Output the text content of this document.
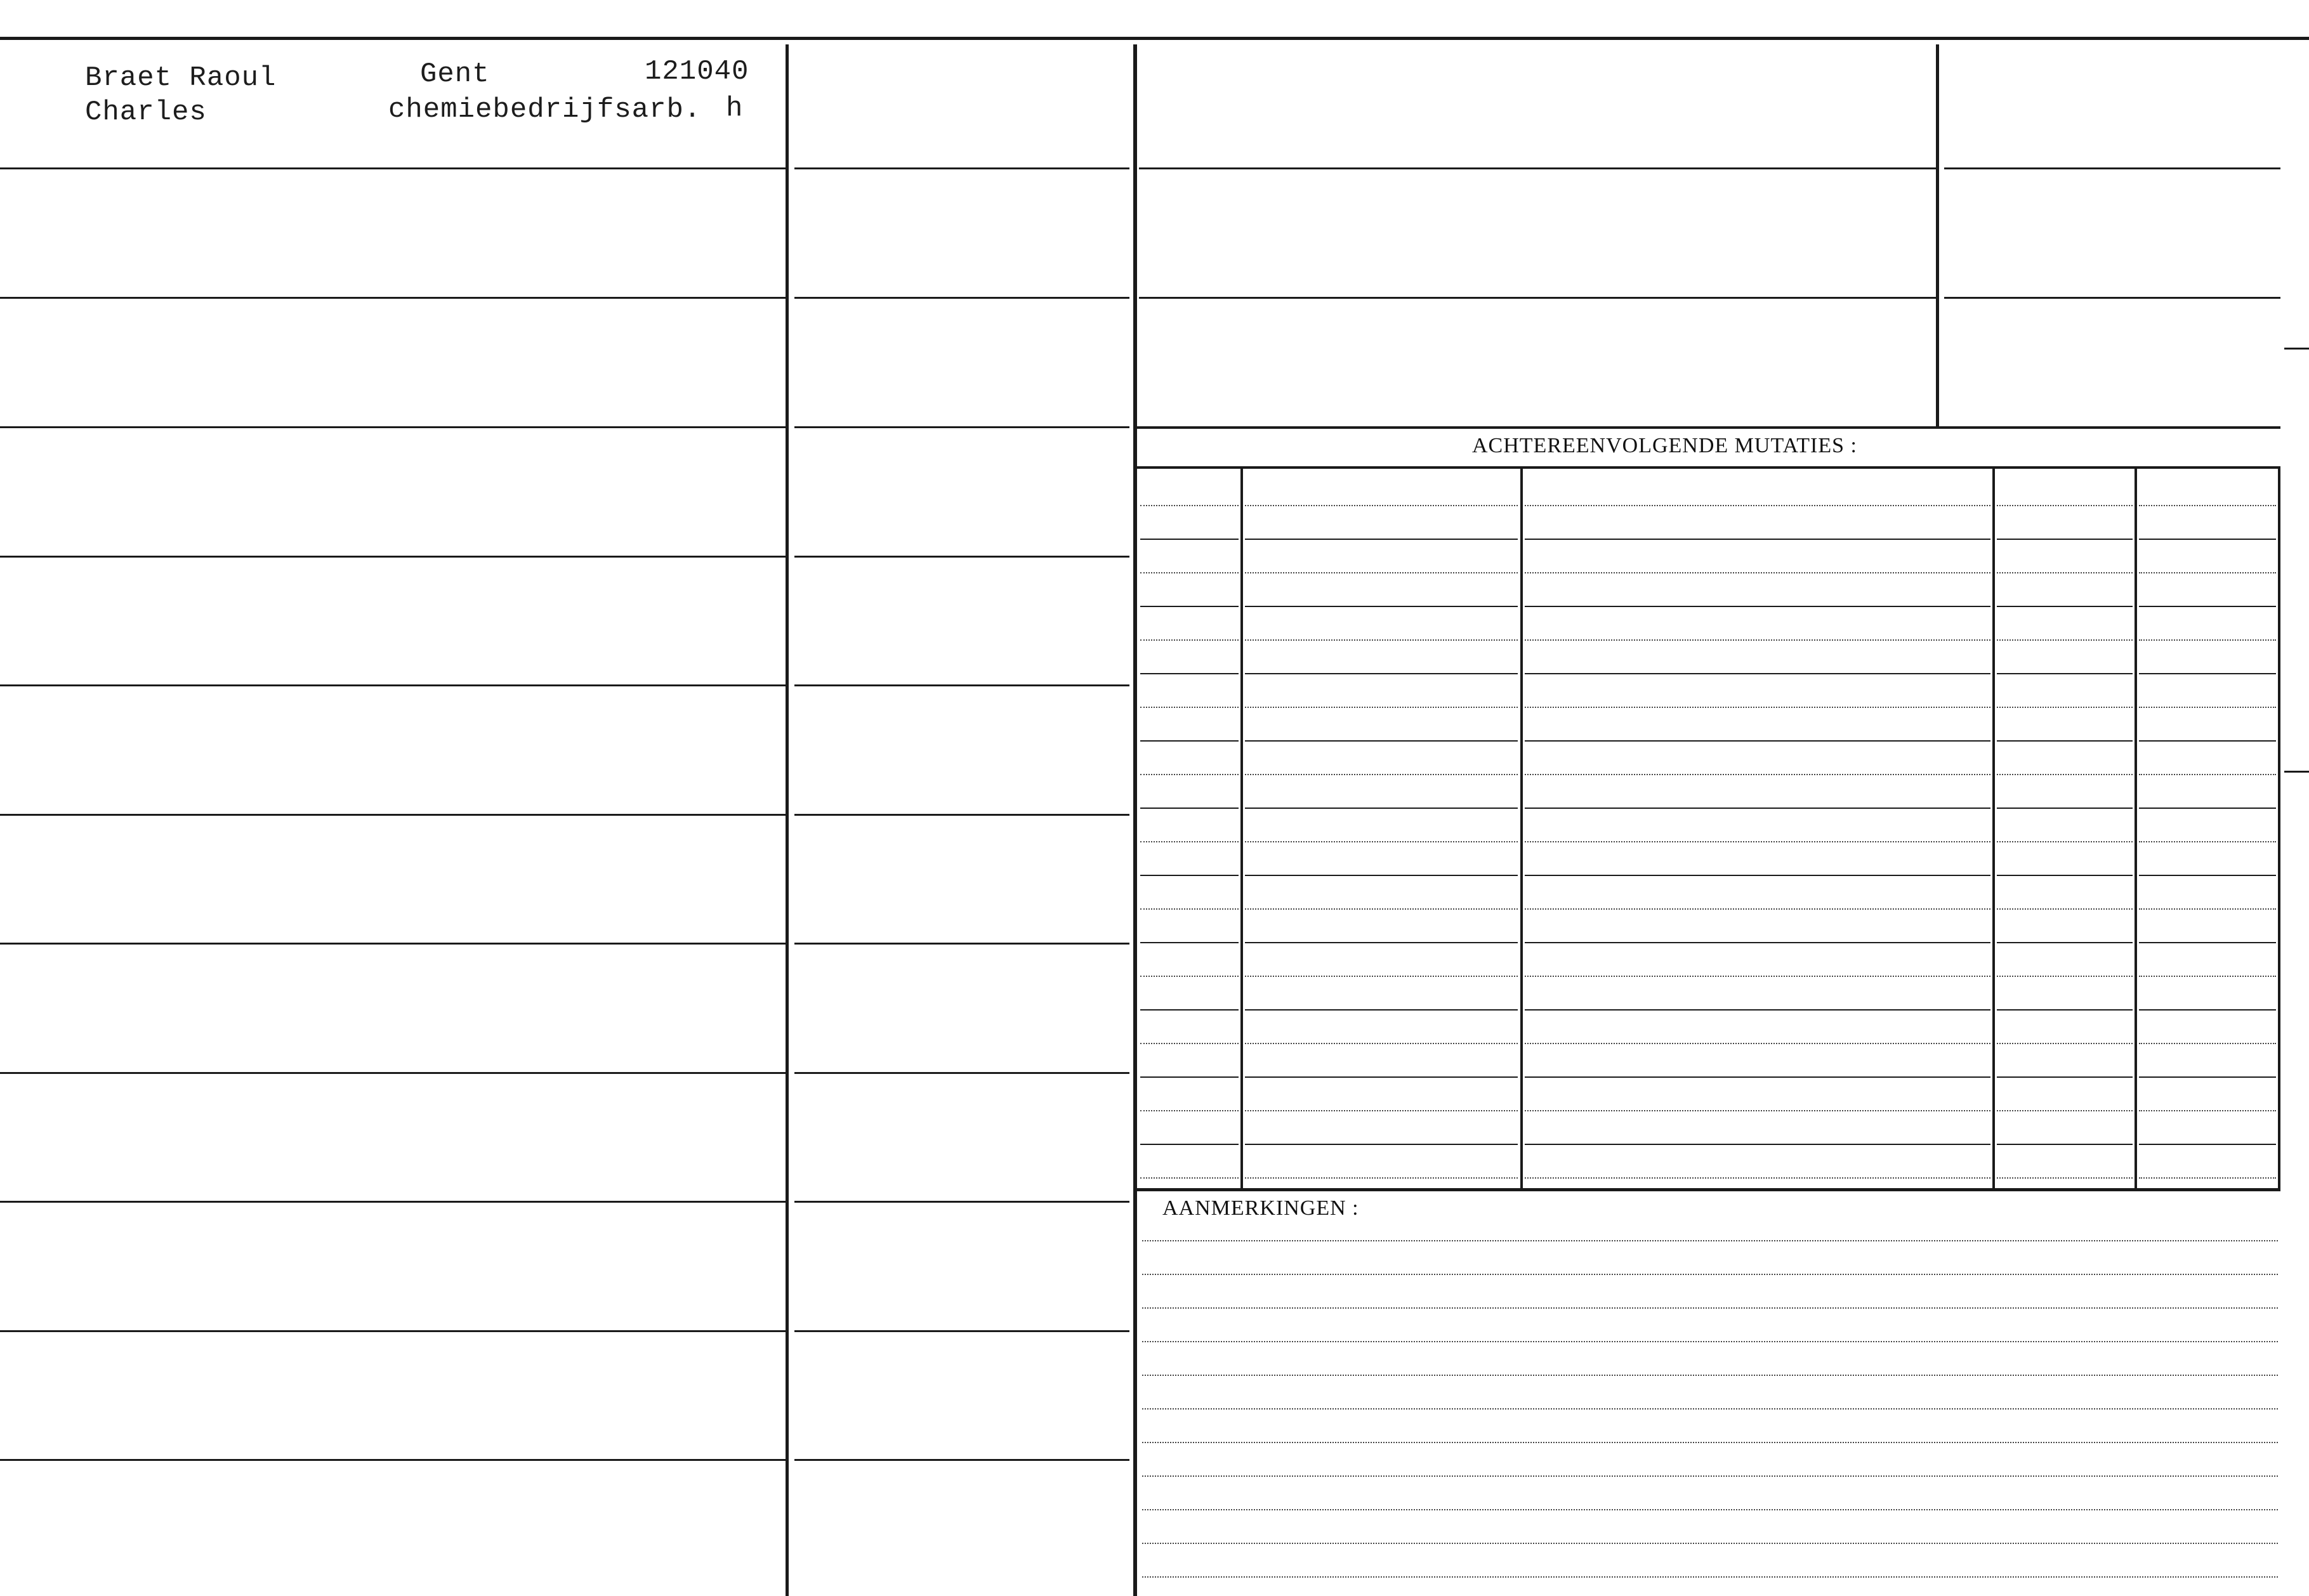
ACHTEREENVOLGENDE MUTATIES :
AANMERKINGEN :
Braet Raoul
Charles
Gent	121040
chemiebedrijfsarb. h
